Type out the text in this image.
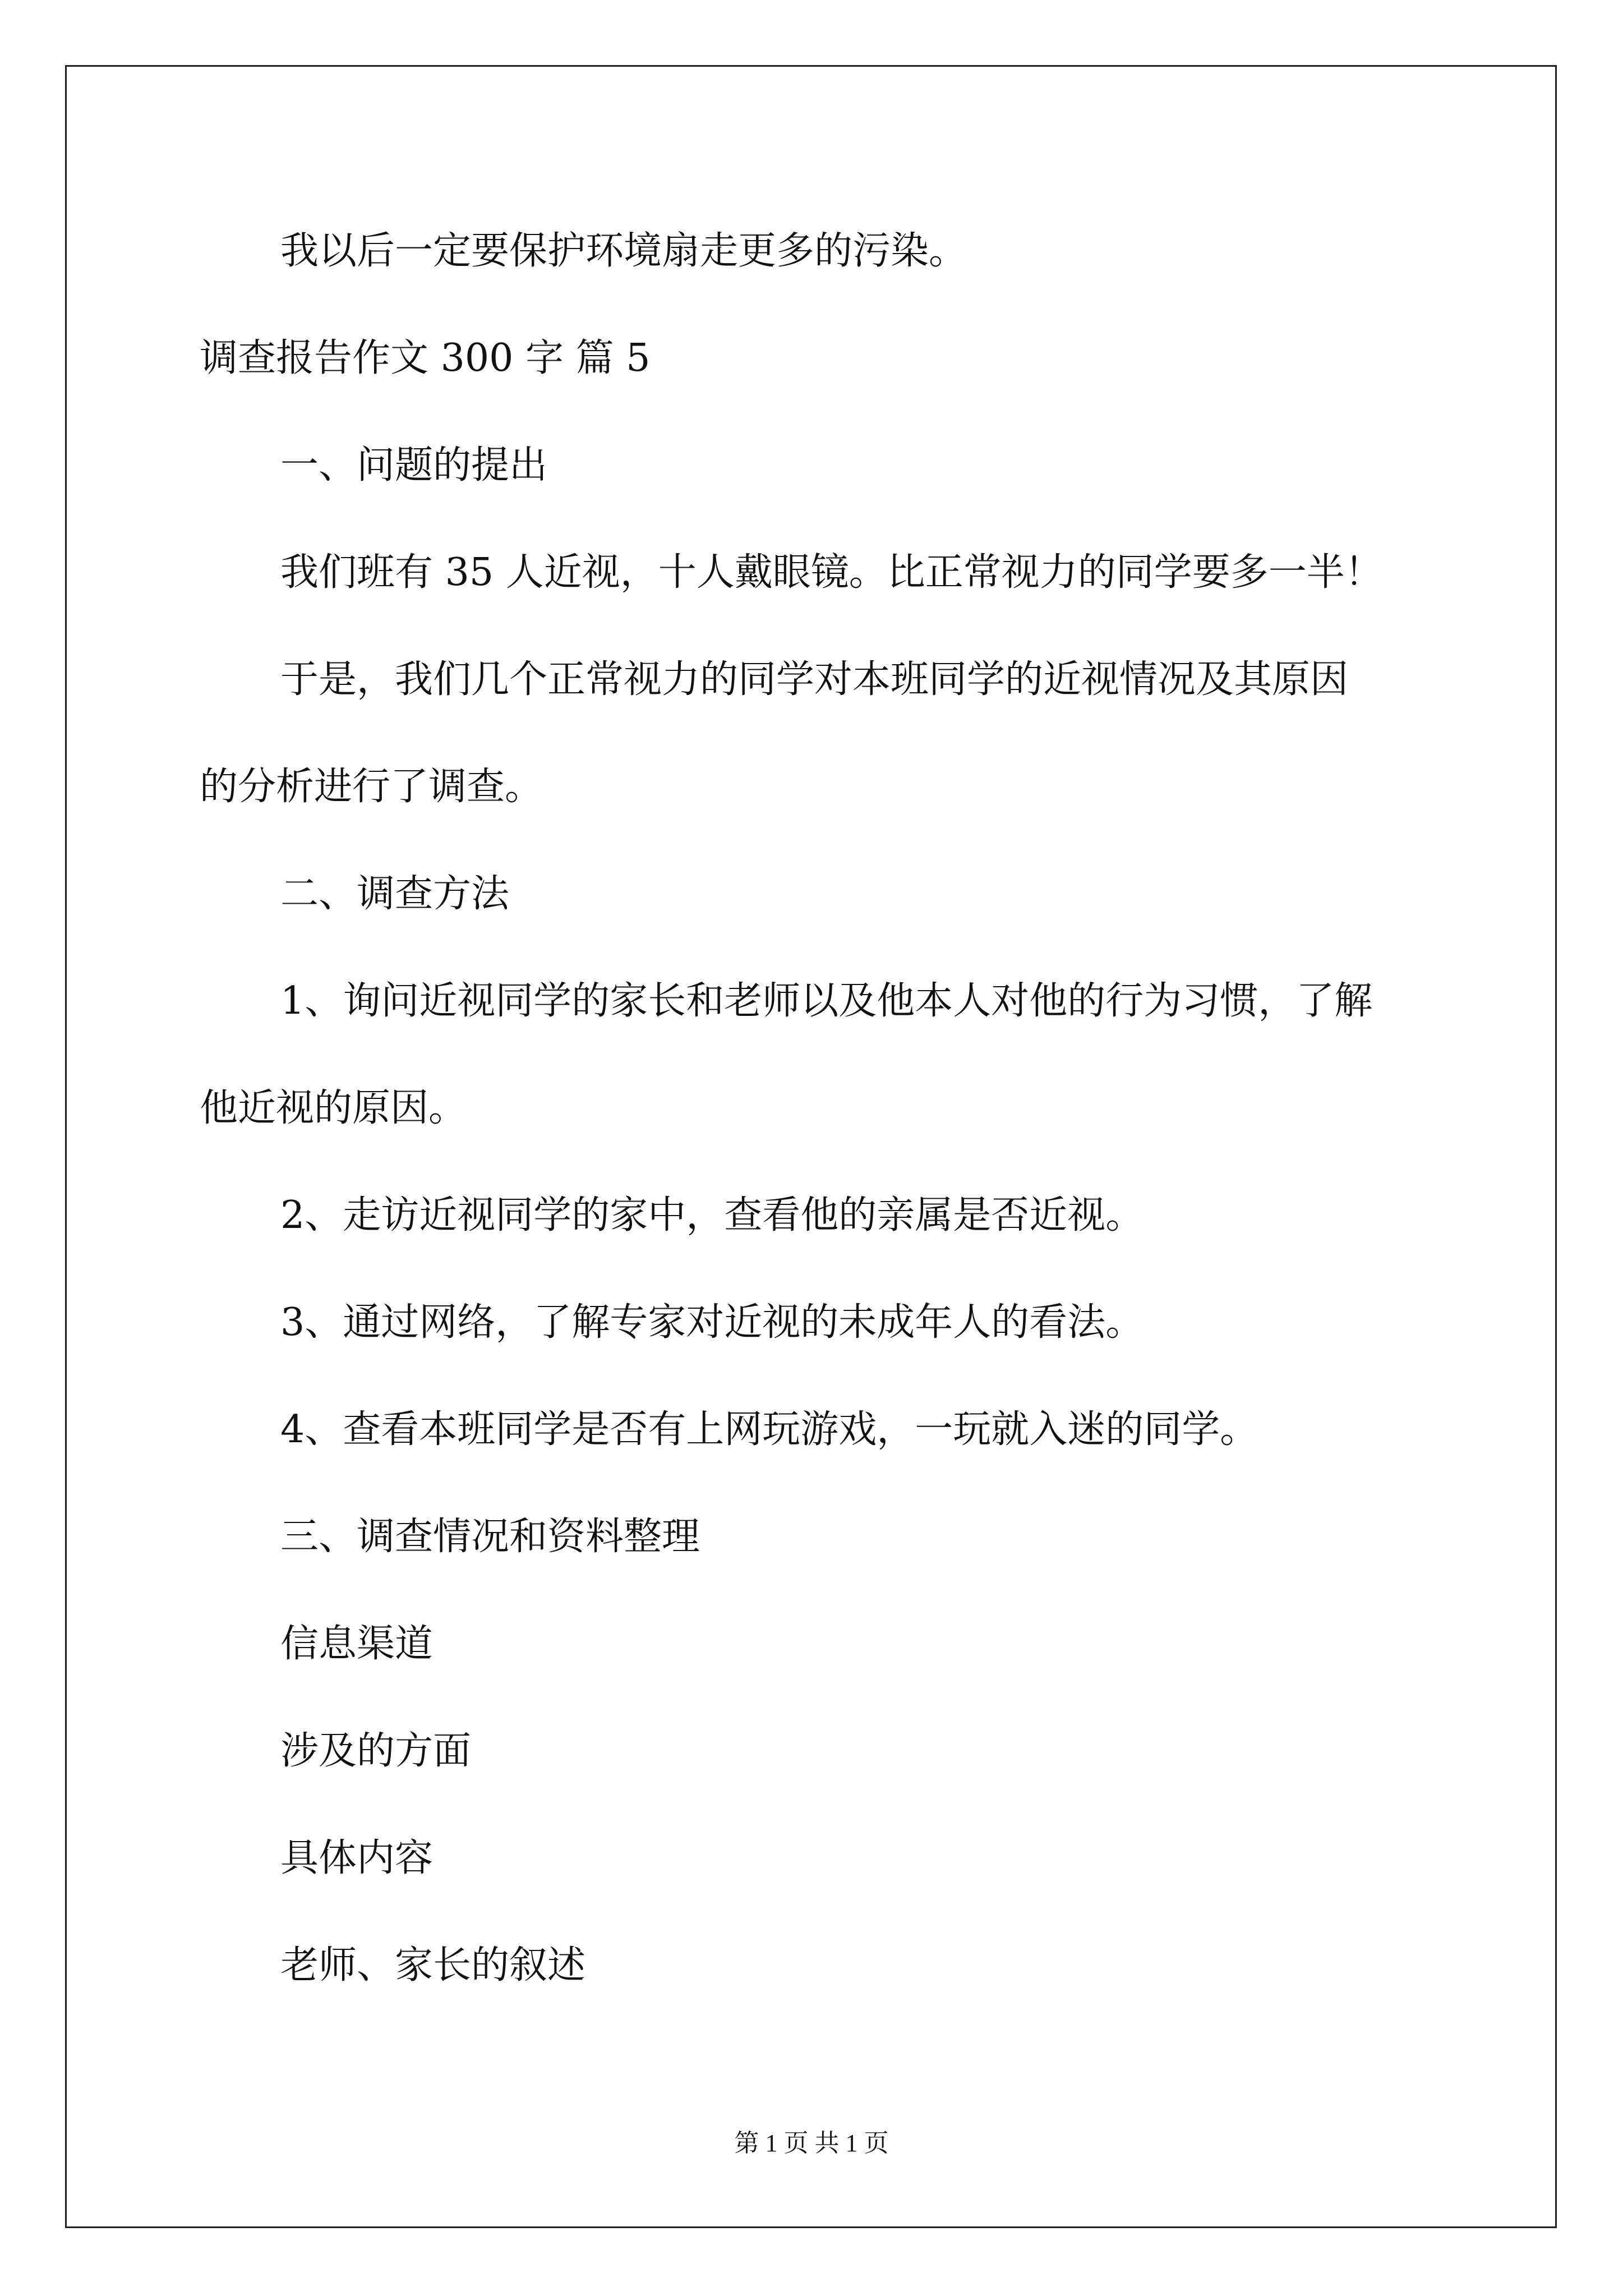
我以后一定要保护环境扇走更多的污染。

调查报告作文 300 字 篇 5

一、问题的提出

我们班有 35 人近视，十人戴眼镜。比正常视力的同学要多一半！

于是，我们几个正常视力的同学对本班同学的近视情况及其原因

的分析进行了调查。

二、调查方法

1、询问近视同学的家长和老师以及他本人对他的行为习惯，了解

他近视的原因。

2、走访近视同学的家中，查看他的亲属是否近视。

3、通过网络，了解专家对近视的未成年人的看法。

4、查看本班同学是否有上网玩游戏，一玩就入迷的同学。

三、调查情况和资料整理

信息渠道

涉及的方面

具体内容

老师、家长的叙述

第 1 页 共 1 页
